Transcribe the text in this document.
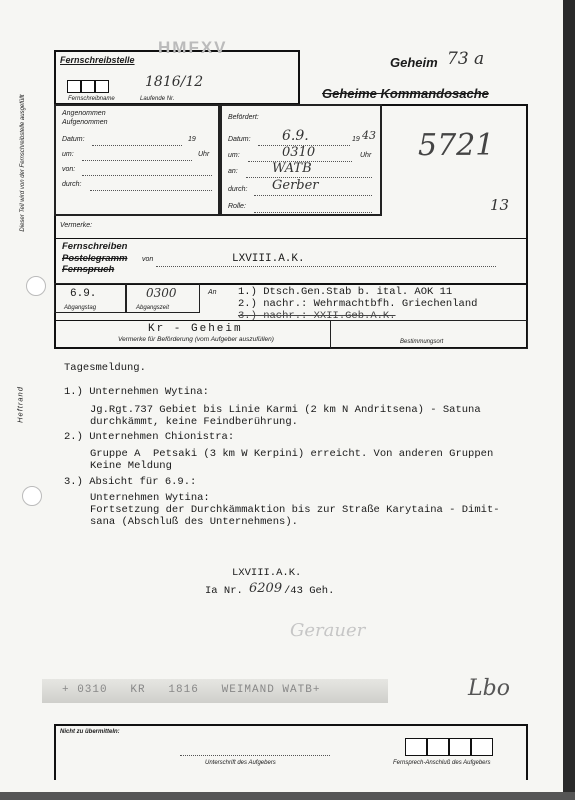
Dieser Teil wird von der Fernschreibstelle ausgefüllt
Heftrand
Fernschreibstelle
HMFXV
1816/12
Fernschreibname	Laufende Nr.
Geheim 73 a
Geheime Kommandosache
Angenommen
Aufgenommen
Datum:	19
um:	Uhr
von:
durch:
Befördert:
Datum: 6.9.	19 43
um:	0310	Uhr
an:	WATB
durch: Gerber
Rolle:
5721
13
Vermerke:
Fernschreiben
Postelegramm
Fernspruch
von	LXVIII.A.K.
6.9.
Abgangstag
0300
Abgangszeit
An 1.) Dtsch.Gen.Stab b. ital. AOK 11
2.) nachr.: Wehrmachtbfh. Griechenland
3.) nachr.: XXII.Geb.A.K.
Kr - Geheim
Vermerke für Beförderung (vom Aufgeber auszufüllen)	Bestimmungsort
Tagesmeldung.
1.) Unternehmen Wytina:
Jg.Rgt.737 Gebiet bis Linie Karmi (2 km N Andritsena) - Satuna
durchkämmt, keine Feindberührung.
2.) Unternehmen Chionistra:
Gruppe A  Petsaki (3 km W Kerpini) erreicht. Von anderen Gruppen
Keine Meldung
3.) Absicht für 6.9.:
Unternehmen Wytina:
Fortsetzung der Durchkämmaktion bis zur Straße Karytaina - Dimit-
sana (Abschluß des Unternehmens).
LXVIII.A.K.
Ia Nr. 6209 /43 Geh.
Gerauer
+ 0310   KR   1816   WEIMAND WATB+	Lbo
Nicht zu übermitteln:
Unterschrift des Aufgebers	Fernsprech-Anschluß des Aufgebers
